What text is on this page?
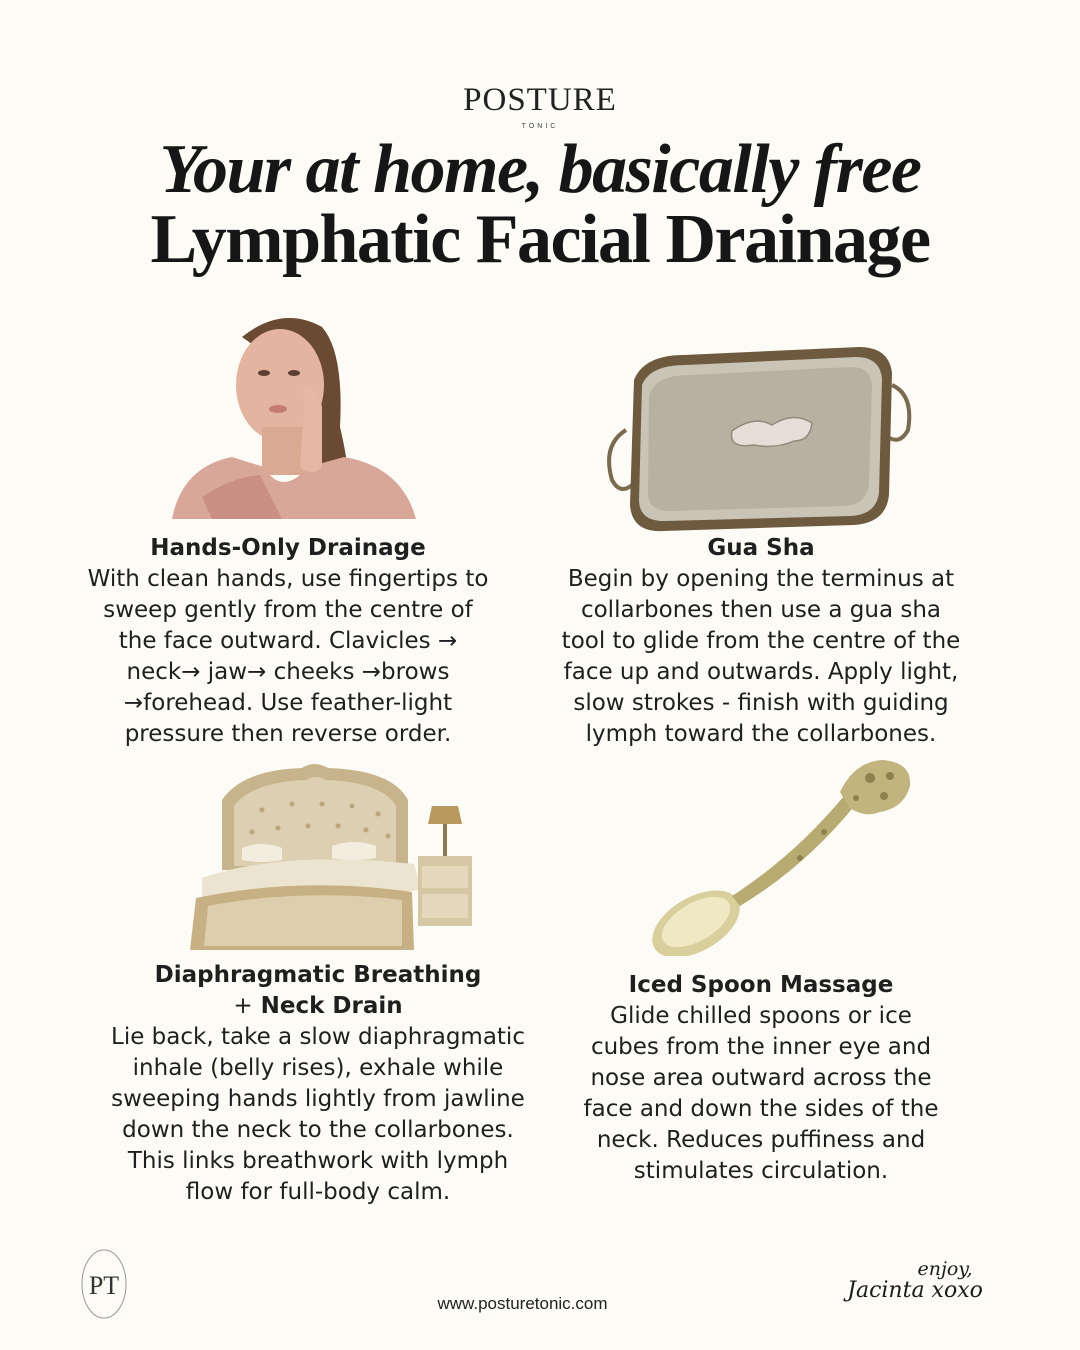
POSTURE
TONIC
Your at home, basically free
Lymphatic Facial Drainage
Hands-Only Drainage
With clean hands, use fingertips to
sweep gently from the centre of
the face outward. Clavicles →
neck→ jaw→ cheeks →brows
→forehead. Use feather-light
pressure then reverse order.
Gua Sha
Begin by opening the terminus at
collarbones then use a gua sha
tool to glide from the centre of the
face up and outwards. Apply light,
slow strokes - finish with guiding
lymph toward the collarbones.
Diaphragmatic Breathing
+ Neck Drain
Lie back, take a slow diaphragmatic
inhale (belly rises), exhale while
sweeping hands lightly from jawline
down the neck to the collarbones.
This links breathwork with lymph
flow for full-body calm.
Iced Spoon Massage
Glide chilled spoons or ice
cubes from the inner eye and
nose area outward across the
face and down the sides of the
neck. Reduces puffiness and
stimulates circulation.
PT
www.posturetonic.com
enjoy,
Jacinta xoxo
